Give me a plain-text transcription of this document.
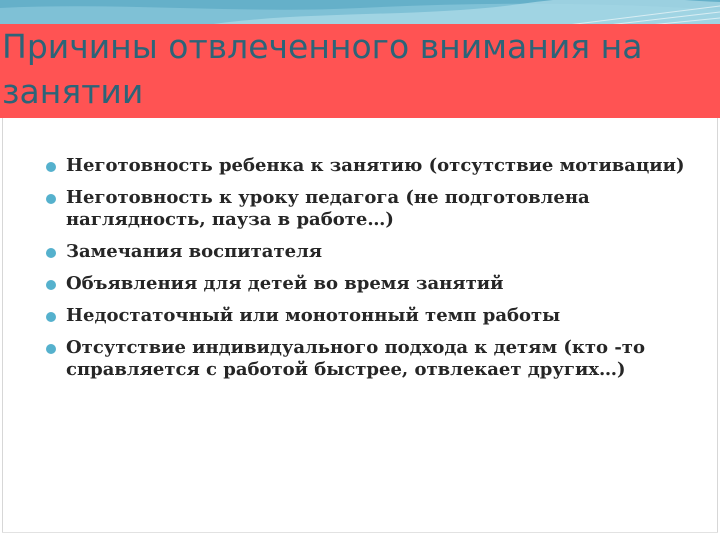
Причины отвлеченного внимания на
занятии
Неготовность ребенка к занятию (отсутствие мотивации)
Неготовность к уроку педагога (не подготовлена наглядность, пауза в работе…)
Замечания воспитателя
Объявления для детей во время занятий
Недостаточный или монотонный темп работы
Отсутствие индивидуального подхода к детям (кто -то справляется с работой быстрее, отвлекает других…)
